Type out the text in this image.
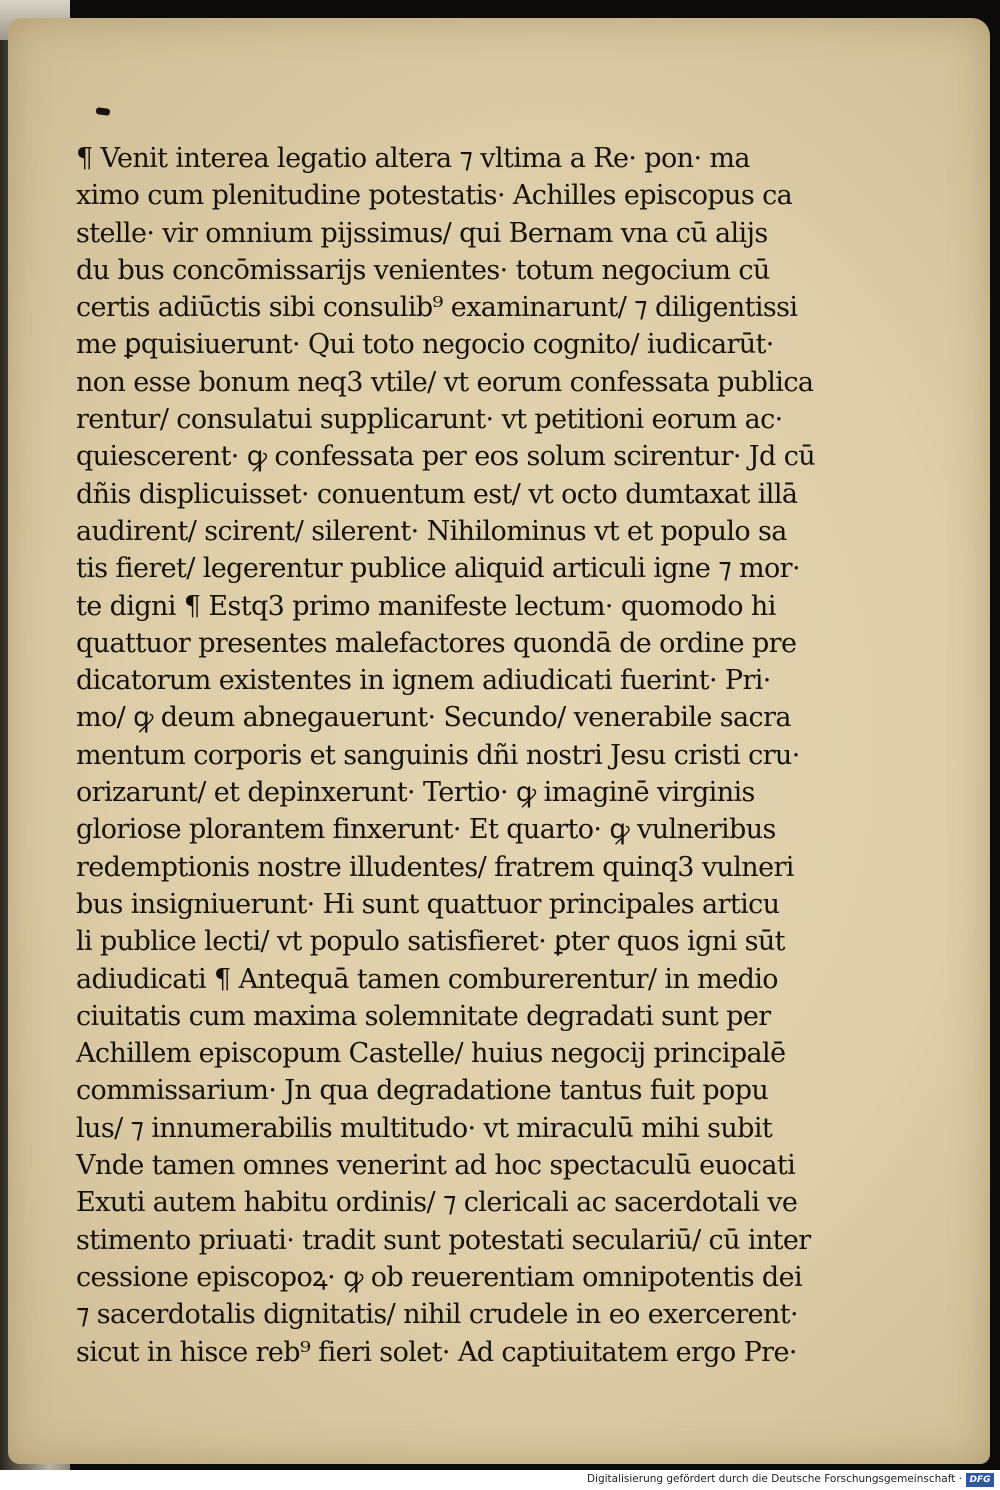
¶ Venit interea legatio altera ⁊ vltima a Re· pon· ma
ximo cum plenitudine potestatis· Achilles episcopus ca
stelle· vir omnium pijssimus/ qui Bernam vna cū alijs
du bus concōmissarijs venientes· totum negocium cū
certis adiūctis sibi consulib⁹ examinarunt/ ⁊ diligentissi
me ꝑquisiuerunt· Qui toto negocio cognito/ iudicarūt·
non esse bonum neq3 vtile/ vt eorum confessata publica
rentur/ consulatui supplicarunt· vt petitioni eorum ac·
quiescerent· ꝙ confessata per eos solum scirentur· Jd cū
dñis displicuisset· conuentum est/ vt octo dumtaxat illā
audirent/ scirent/ silerent· Nihilominus vt et populo sa
tis fieret/ legerentur publice aliquid articuli igne ⁊ mor·
te digni ¶ Estq3 primo manifeste lectum· quomodo hi
quattuor presentes malefactores quondā de ordine pre
dicatorum existentes in ignem adiudicati fuerint· Pri·
mo/ ꝙ deum abnegauerunt· Secundo/ venerabile sacra
mentum corporis et sanguinis dñi nostri Jesu cristi cru·
orizarunt/ et depinxerunt· Tertio· ꝙ imaginē virginis
gloriose plorantem finxerunt· Et quarto· ꝙ vulneribus
redemptionis nostre illudentes/ fratrem quinq3 vulneri
bus insigniuerunt· Hi sunt quattuor principales articu
li publice lecti/ vt populo satisfieret· ꝑter quos igni sūt
adiudicati ¶ Antequā tamen comburerentur/ in medio
ciuitatis cum maxima solemnitate degradati sunt per
Achillem episcopum Castelle/ huius negocij principalē
commissarium· Jn qua degradatione tantus fuit popu
lus/ ⁊ innumerabilis multitudo· vt miraculū mihi subit
Vnde tamen omnes venerint ad hoc spectaculū euocati
Exuti autem habitu ordinis/ ⁊ clericali ac sacerdotali ve
stimento priuati· tradit sunt potestati seculariū/ cū inter
cessione episcopoꝝ· ꝙ ob reuerentiam omnipotentis dei
⁊ sacerdotalis dignitatis/ nihil crudele in eo exercerent·
sicut in hisce reb⁹ fieri solet· Ad captiuitatem ergo Pre·
Digitalisierung gefördert durch die Deutsche Forschungsgemeinschaft · DFG
